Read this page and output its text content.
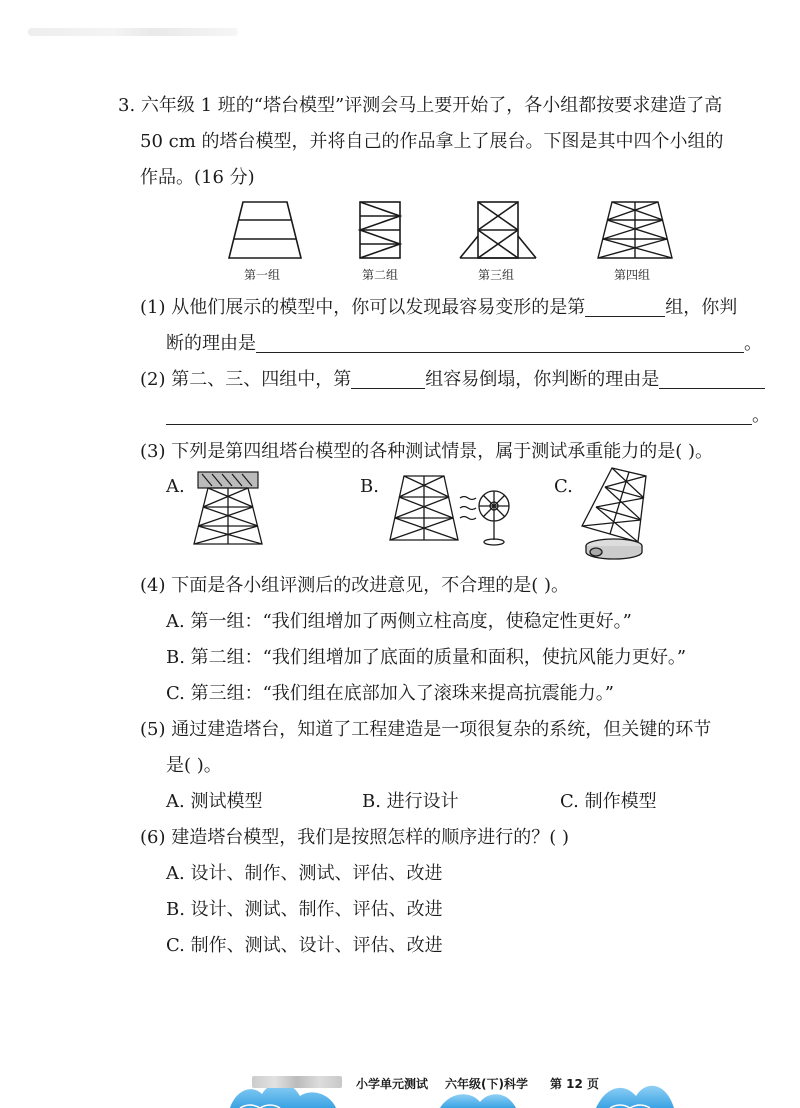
3. 六年级 1 班的“塔台模型”评测会马上要开始了，各小组都按要求建造了高
50 cm 的塔台模型，并将自己的作品拿上了展台。下图是其中四个小组的
作品。(16 分)
第一组	第二组	第三组	第四组
(1) 从他们展示的模型中，你可以发现最容易变形的是第	组，你判
断的理由是	。
(2) 第二、三、四组中，第	组容易倒塌，你判断的理由是
。
(3) 下列是第四组塔台模型的各种测试情景，属于测试承重能力的是( )。
A.	B.	C.
(4) 下面是各小组评测后的改进意见，不合理的是( )。
A. 第一组：“我们组增加了两侧立柱高度，使稳定性更好。”
B. 第二组：“我们组增加了底面的质量和面积，使抗风能力更好。”
C. 第三组：“我们组在底部加入了滚珠来提高抗震能力。”
(5) 通过建造塔台，知道了工程建造是一项很复杂的系统，但关键的环节
是( )。
A. 测试模型	B. 进行设计	C. 制作模型
(6) 建造塔台模型，我们是按照怎样的顺序进行的？( )
A. 设计、制作、测试、评估、改进
B. 设计、测试、制作、评估、改进
C. 制作、测试、设计、评估、改进
小学单元测试 六年级(下)科学 第 12 页
